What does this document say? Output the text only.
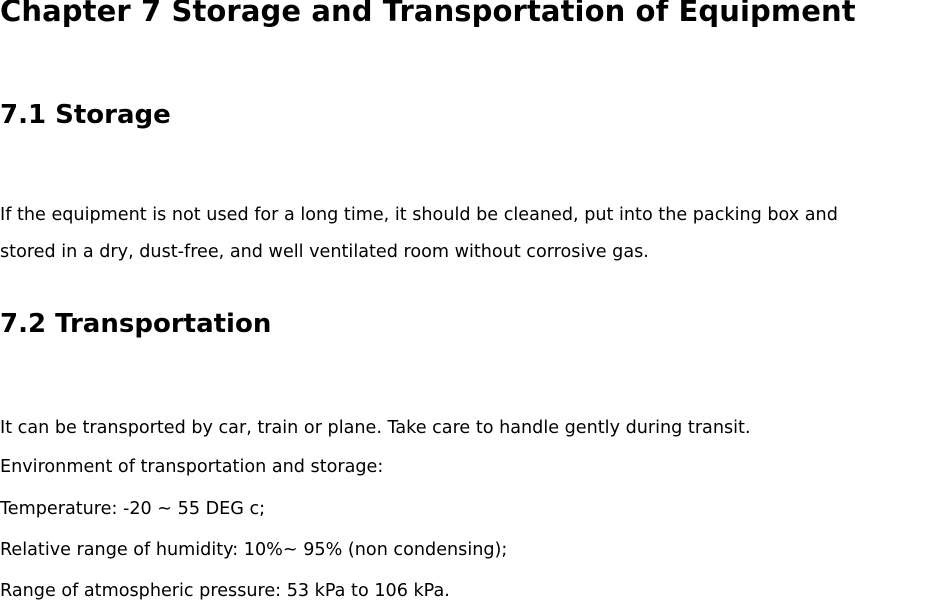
Chapter 7 Storage and Transportation of Equipment
7.1 Storage

If the equipment is not used for a long time, it should be cleaned, put into the packing box and

stored in a dry, dust-free, and well ventilated room without corrosive gas.

7.2 Transportation

It can be transported by car, train or plane. Take care to handle gently during transit.

Environment of transportation and storage:

Temperature: -20 ~ 55 DEG c;

Relative range of humidity: 10%~ 95% (non condensing);

Range of atmospheric pressure: 53 kPa to 106 kPa.
